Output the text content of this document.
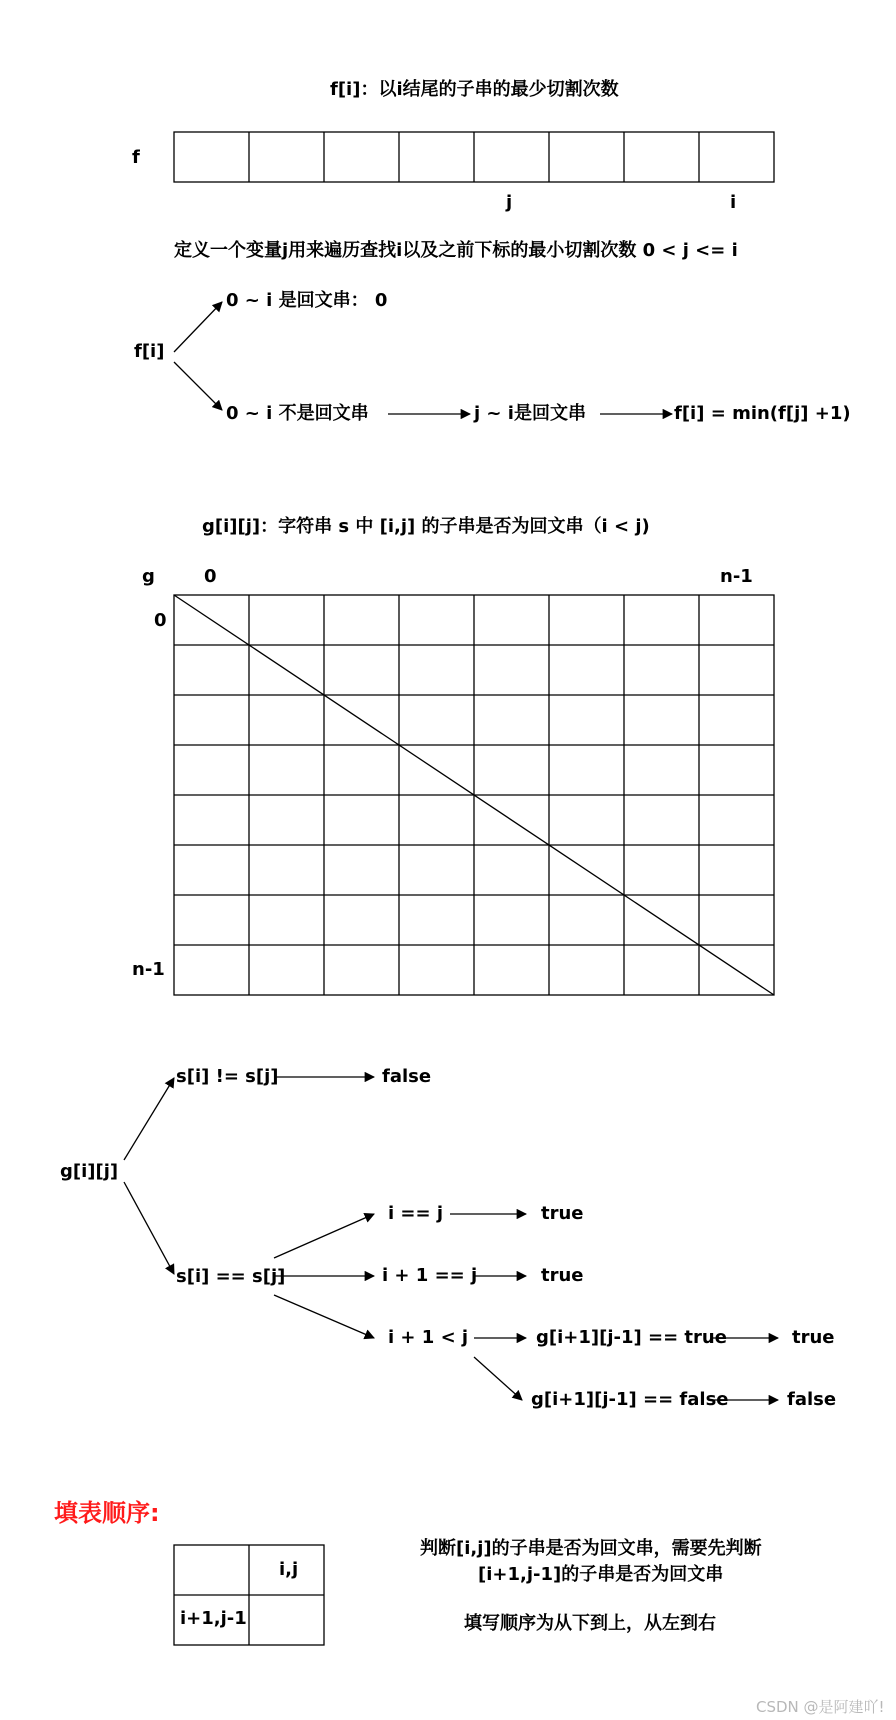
f[i]：以i结尾的子串的最少切割次数
f
j	i
定义一个变量j用来遍历查找i以及之前下标的最小切割次数 0 < j <= i
f[i]
0 ~ i 是回文串： 0
0 ~ i 不是回文串	j ~ i是回文串	f[i] = min(f[j] +1)
g[i][j]：字符串 s 中 [i,j] 的子串是否为回文串（i < j)
g	0	n-1
0
n-1
g[i][j]
s[i] != s[j]	false
s[i] == s[j]
i == j	true
i + 1 == j	true
i + 1 < j	g[i+1][j-1] == true	true
g[i+1][j-1] == false	false
填表顺序:
i,j
i+1,j-1
判断[i,j]的子串是否为回文串，需要先判断
[i+1,j-1]的子串是否为回文串
填写顺序为从下到上，从左到右
CSDN @是阿建吖!
